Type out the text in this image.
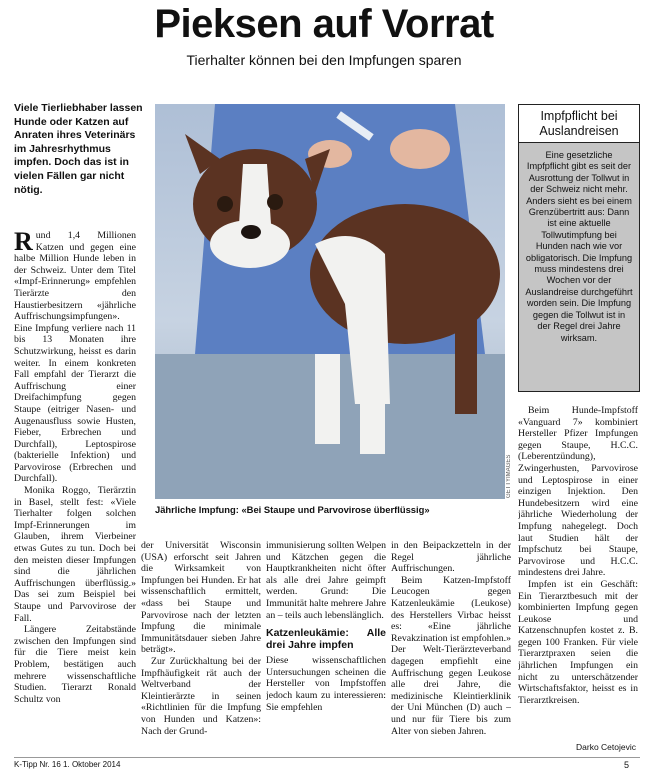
Pieksen auf Vorrat
Tierhalter können bei den Impfungen sparen
Viele Tierliebhaber lassen Hunde oder Katzen auf Anraten ihres Veterinärs im Jahresrhythmus impfen. Doch das ist in vielen Fällen gar nicht nötig.

Rund 1,4 Millionen Katzen und gegen eine halbe Million Hunde leben in der Schweiz. Unter dem Titel «Impf-Erinnerung» empfehlen Tierärzte den Haustierbesitzern «jährliche Auffrischungsimpfungen». Eine Impfung verliere nach 11 bis 13 Monaten ihre Schutzwirkung, heisst es darin weiter. In einem konkreten Fall empfahl der Tierarzt die Auffrischung einer Dreifachimpfung gegen Staupe (eitriger Nasen- und Augenausfluss sowie Husten, Fieber, Erbrechen und Durchfall), Leptospirose (bakterielle Infektion) und Parvovirose (Erbrechen und Durchfall).

Monika Roggo, Tierärztin in Basel, stellt fest: «Viele Tierhalter folgen solchen Impf-Erinnerungen im Glauben, ihrem Vierbeiner etwas Gutes zu tun. Doch bei den meisten dieser Impfungen sind die jährlichen Auffrischungen überflüssig.» Das sei zum Beispiel bei Staupe und Parvovirose der Fall.

Längere Zeitabstände zwischen den Impfungen sind für die Tiere meist kein Problem, bestätigen auch mehrere wissenschaftliche Studien. Tierarzt Ronald Schultz von

GETTYIMAGES
Jährliche Impfung: «Bei Staupe und Parvovirose überflüssig»
Impfpflicht bei Auslandreisen
Eine gesetzliche Impfpflicht gibt es seit der Ausrottung der Tollwut in der Schweiz nicht mehr. Anders sieht es bei einem Grenzübertritt aus: Dann ist eine aktuelle Tollwutimpfung bei Hunden nach wie vor obligatorisch. Die Impfung muss mindestens drei Wochen vor der Auslandreise durchgeführt worden sein. Die Impfung gegen die Tollwut ist in der Regel drei Jahre wirksam.

der Universität Wisconsin (USA) erforscht seit Jahren die Wirksamkeit von Impfungen bei Hunden. Er hat wissenschaftlich ermittelt, «dass bei Staupe und Parvovirose nach der letzten Impfung die minimale Immunitätsdauer sieben Jahre beträgt».

Zur Zurückhaltung bei der Impfhäufigkeit rät auch der Weltverband der Kleintierärzte in seinen «Richtlinien für die Impfung von Hunden und Katzen»: Nach der Grund-

immunisierung sollten Welpen und Kätzchen gegen die Hauptkrankheiten nicht öfter als alle drei Jahre geimpft werden. Grund: Die Immunität halte mehrere Jahre an – teils auch lebenslänglich.

Katzenleukämie: Alle drei Jahre impfen

Diese wissenschaftlichen Untersuchungen scheinen die Hersteller von Impfstoffen jedoch kaum zu interessieren: Sie empfehlen

in den Beipackzetteln in der Regel jährliche Auffrischungen.

Beim Katzen-Impfstoff Leucogen gegen Katzenleukämie (Leukose) des Herstellers Virbac heisst es: «Eine jährliche Revakzination ist empfohlen.» Der Welt-Tierärzteverband dagegen empfiehlt eine Auffrischung gegen Leukose alle drei Jahre, die medizinische Kleintierklinik der Uni München (D) auch – und nur für Tiere bis zum Alter von sieben Jahren.

Beim Hunde-Impfstoff «Vanguard 7» kombiniert Hersteller Pfizer Impfungen gegen Staupe, H.C.C. (Leberentzündung), Zwingerhusten, Parvovirose und Leptospirose in einer einzigen Injektion. Den Hundebesitzern wird eine jährliche Wiederholung der Impfung nahegelegt. Doch laut Studien hält der Impfschutz bei Staupe, Parvovirose und H.C.C. mindestens drei Jahre.

Impfen ist ein Geschäft: Ein Tierarztbesuch mit der kombinierten Impfung gegen Leukose und Katzenschnupfen kostet z. B. gegen 100 Franken. Für viele Tierarztpraxen seien die jährlichen Impfungen ein nicht zu unterschätzender Wirtschaftsfaktor, heisst es in Tierarztkreisen.

Darko Cetojevic
K-Tipp Nr. 16 1. Oktober 2014	5
